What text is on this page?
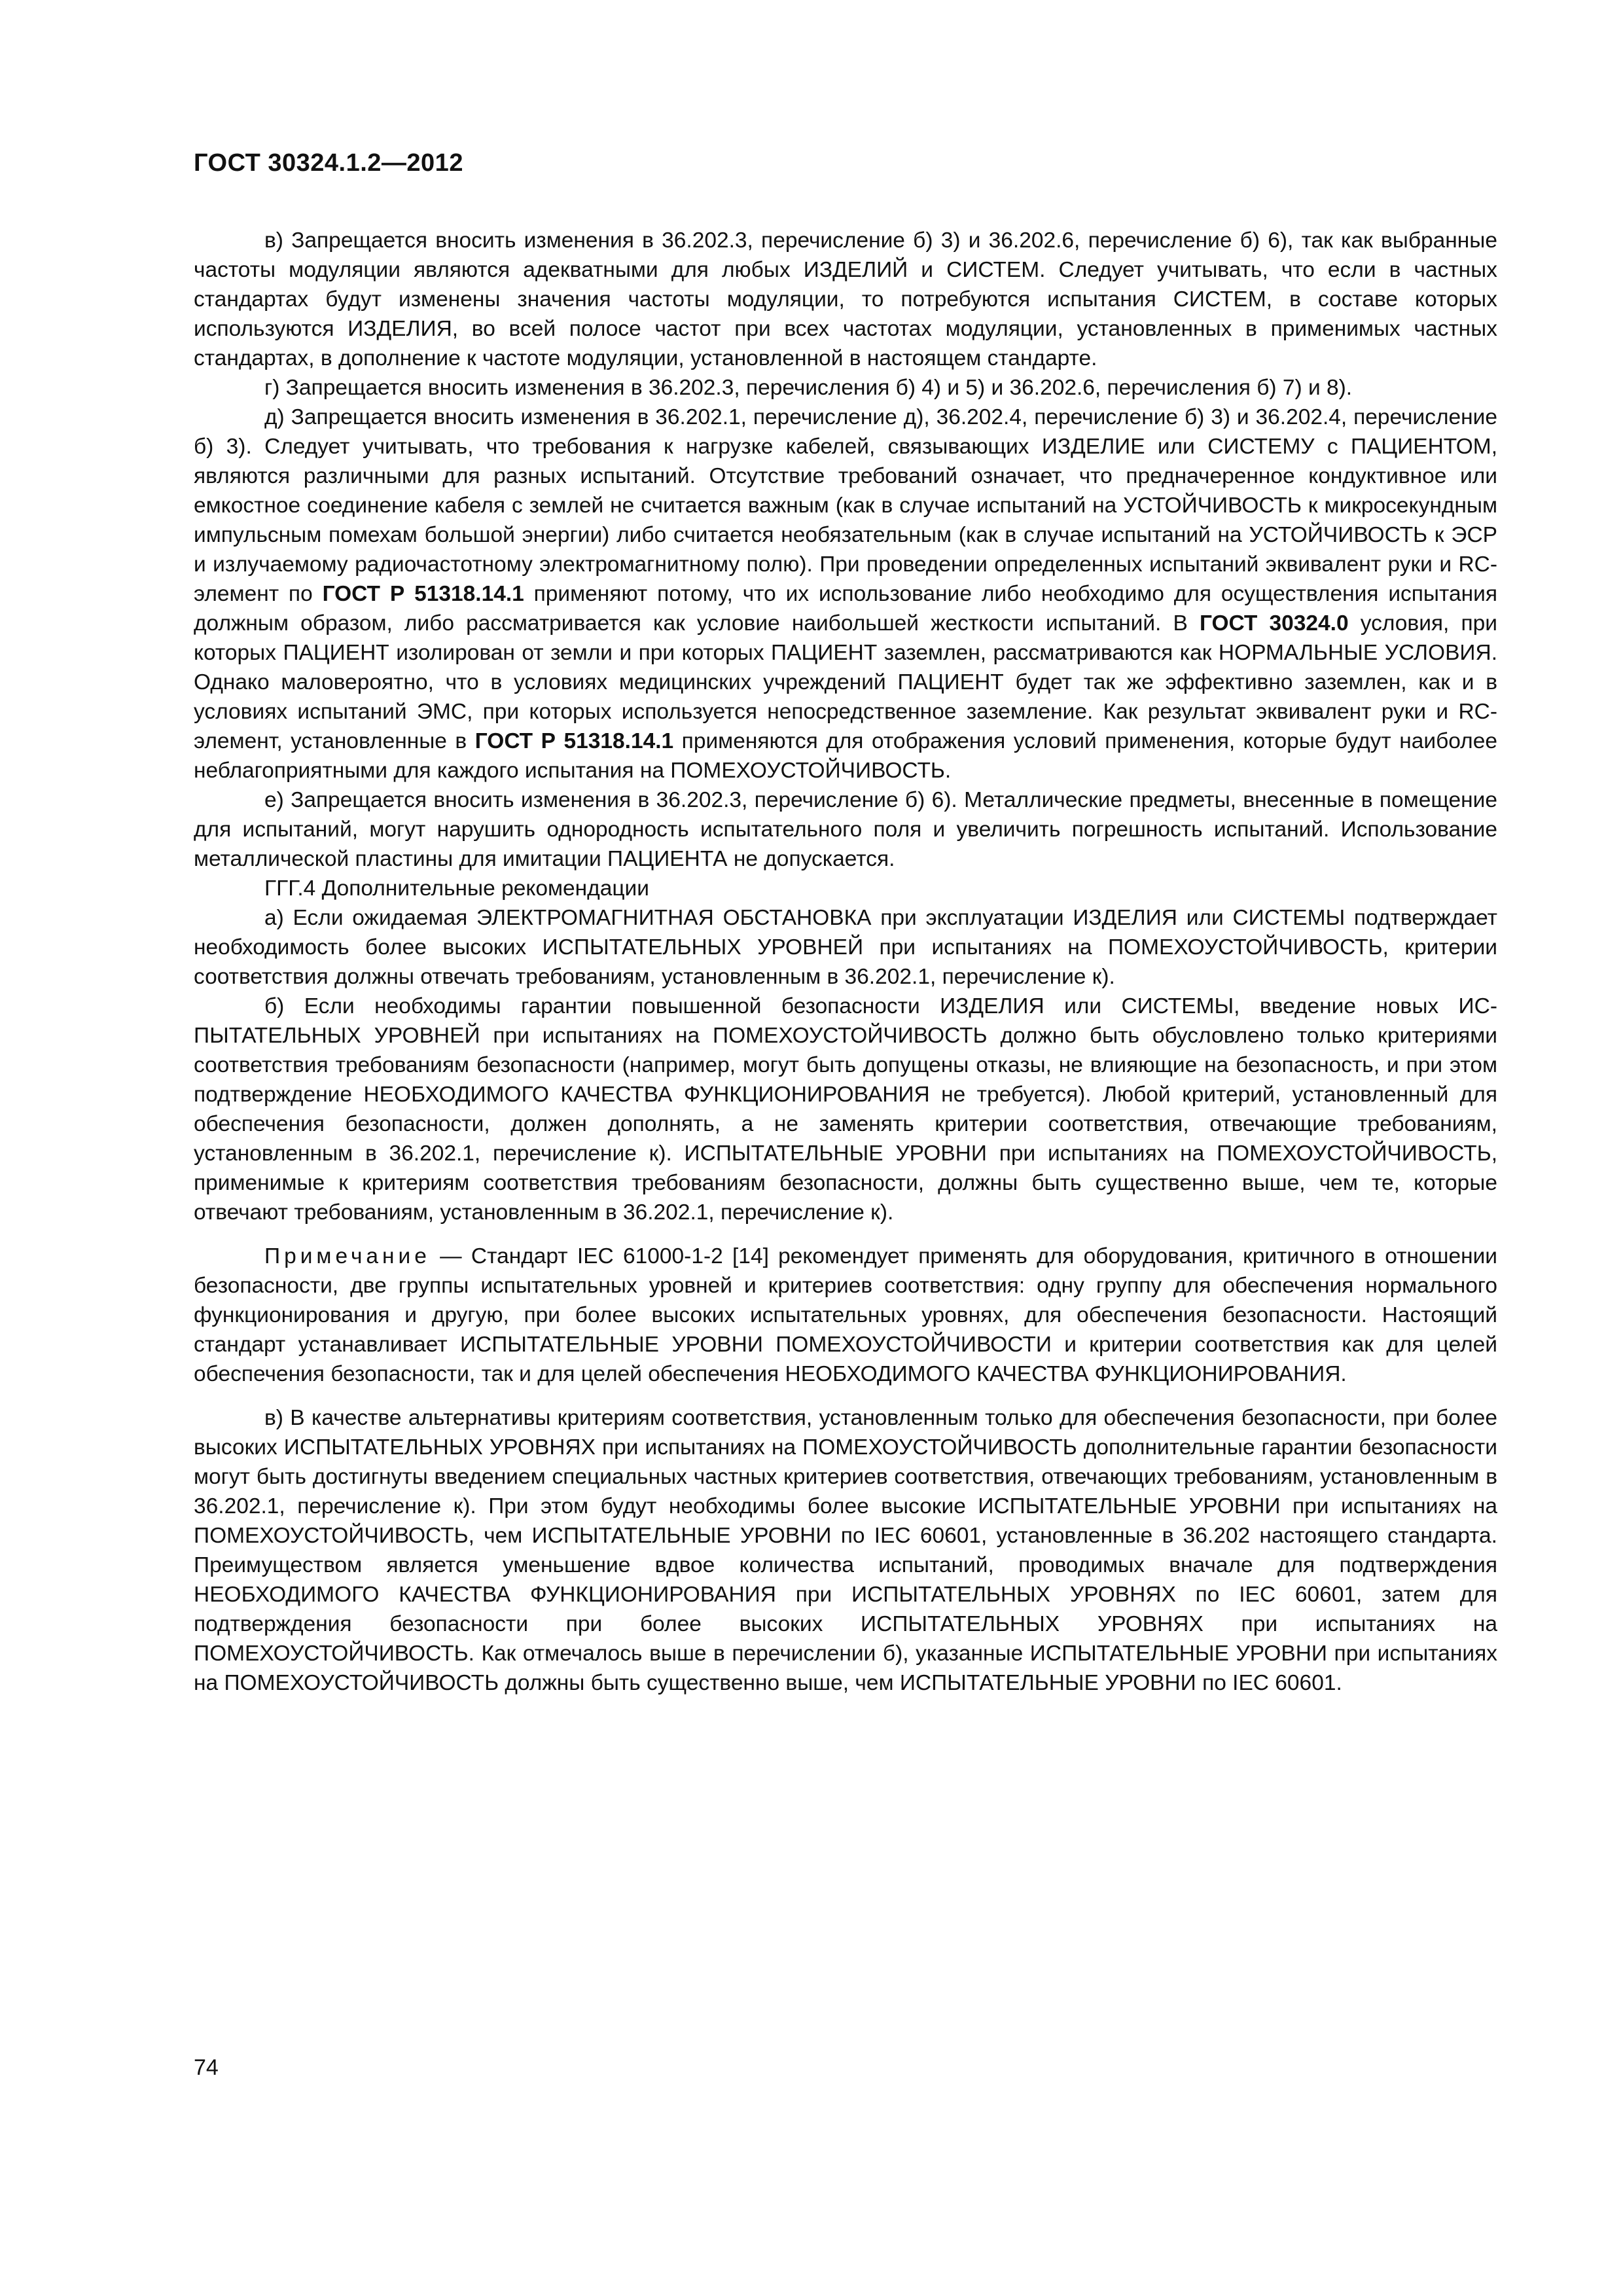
ГОСТ 30324.1.2—2012

в) Запрещается вносить изменения в 36.202.3, перечисление б) 3) и 36.202.6, перечисление б) 6), так как выбранные частоты модуляции являются адекватными для любых ИЗДЕЛИЙ и СИСТЕМ. Следует учитывать, что если в частных стандартах будут изменены значения частоты модуляции, то потребуются испытания СИСТЕМ, в составе которых используются ИЗДЕЛИЯ, во всей полосе частот при всех частотах модуляции, установленных в применимых частных стандартах, в дополнение к частоте модуляции, установленной в настоящем стандарте.

г) Запрещается вносить изменения в 36.202.3, перечисления б) 4) и 5) и 36.202.6, перечисления б) 7) и 8).

д) Запрещается вносить изменения в 36.202.1, перечисление д), 36.202.4, перечисление б) 3) и 36.202.4, перечисление б) 3). Следует учитывать, что требования к нагрузке кабелей, связывающих ИЗДЕЛИЕ или СИСТЕМУ с ПАЦИЕНТОМ, являются различными для разных испытаний. Отсутствие требований означает, что предначеренное кондуктивное или емкостное соединение кабеля с землей не считается важным (как в случае испытаний на УСТОЙЧИВОСТЬ к микросекундным импульсным помехам большой энергии) либо считается необязательным (как в случае испытаний на УСТОЙЧИВОСТЬ к ЭСР и излучаемому радиочастотному электромагнитному полю). При проведении определенных испытаний эквивалент руки и RC-элемент по ГОСТ Р 51318.14.1 применяют потому, что их использование либо необходимо для осуществления испытания должным образом, либо рассматривается как условие наибольшей жесткости испытаний. В ГОСТ 30324.0 условия, при которых ПАЦИЕНТ изолирован от земли и при которых ПАЦИЕНТ заземлен, рассматриваются как НОРМАЛЬНЫЕ УСЛОВИЯ. Однако маловероятно, что в условиях медицинских учреждений ПАЦИЕНТ будет так же эффективно заземлен, как и в условиях испытаний ЭМС, при которых используется непосредственное заземление. Как результат эквивалент руки и RC-элемент, установленные в ГОСТ Р 51318.14.1 применяются для отображения условий применения, которые будут наиболее неблагоприятными для каждого испытания на ПОМЕХОУСТОЙЧИВОСТЬ.

е) Запрещается вносить изменения в 36.202.3, перечисление б) 6). Металлические предметы, внесенные в помещение для испытаний, могут нарушить однородность испытательного поля и увеличить погрешность испытаний. Использование металлической пластины для имитации ПАЦИЕНТА не допускается.

ГГГ.4 Дополнительные рекомендации

а) Если ожидаемая ЭЛЕКТРОМАГНИТНАЯ ОБСТАНОВКА при эксплуатации ИЗДЕЛИЯ или СИСТЕМЫ подтверждает необходимость более высоких ИСПЫТАТЕЛЬНЫХ УРОВНЕЙ при испытаниях на ПОМЕХОУСТОЙЧИВОСТЬ, критерии соответствия должны отвечать требованиям, установленным в 36.202.1, перечисление к).

б) Если необходимы гарантии повышенной безопасности ИЗДЕЛИЯ или СИСТЕМЫ, введение новых ИСПЫТАТЕЛЬНЫХ УРОВНЕЙ при испытаниях на ПОМЕХОУСТОЙЧИВОСТЬ должно быть обусловлено только критериями соответствия требованиям безопасности (например, могут быть допущены отказы, не влияющие на безопасность, и при этом подтверждение НЕОБХОДИМОГО КАЧЕСТВА ФУНКЦИОНИРОВАНИЯ не требуется). Любой критерий, установленный для обеспечения безопасности, должен дополнять, а не заменять критерии соответствия, отвечающие требованиям, установленным в 36.202.1, перечисление к). ИСПЫТАТЕЛЬНЫЕ УРОВНИ при испытаниях на ПОМЕХОУСТОЙЧИВОСТЬ, применимые к критериям соответствия требованиям безопасности, должны быть существенно выше, чем те, которые отвечают требованиям, установленным в 36.202.1, перечисление к).

Примечание — Стандарт IEC 61000-1-2 [14] рекомендует применять для оборудования, критичного в отношении безопасности, две группы испытательных уровней и критериев соответствия: одну группу для обеспечения нормального функционирования и другую, при более высоких испытательных уровнях, для обеспечения безопасности. Настоящий стандарт устанавливает ИСПЫТАТЕЛЬНЫЕ УРОВНИ ПОМЕХОУСТОЙЧИВОСТИ и критерии соответствия как для целей обеспечения безопасности, так и для целей обеспечения НЕОБХОДИМОГО КАЧЕСТВА ФУНКЦИОНИРОВАНИЯ.

в) В качестве альтернативы критериям соответствия, установленным только для обеспечения безопасности, при более высоких ИСПЫТАТЕЛЬНЫХ УРОВНЯХ при испытаниях на ПОМЕХОУСТОЙЧИВОСТЬ дополнительные гарантии безопасности могут быть достигнуты введением специальных частных критериев соответствия, отвечающих требованиям, установленным в 36.202.1, перечисление к). При этом будут необходимы более высокие ИСПЫТАТЕЛЬНЫЕ УРОВНИ при испытаниях на ПОМЕХОУСТОЙЧИВОСТЬ, чем ИСПЫТАТЕЛЬНЫЕ УРОВНИ по IEC 60601, установленные в 36.202 настоящего стандарта. Преимуществом является уменьшение вдвое количества испытаний, проводимых вначале для подтверждения НЕОБХОДИМОГО КАЧЕСТВА ФУНКЦИОНИРОВАНИЯ при ИСПЫТАТЕЛЬНЫХ УРОВНЯХ по IEC 60601, затем для подтверждения безопасности при более высоких ИСПЫТАТЕЛЬНЫХ УРОВНЯХ при испытаниях на ПОМЕХОУСТОЙЧИВОСТЬ. Как отмечалось выше в перечислении б), указанные ИСПЫТАТЕЛЬНЫЕ УРОВНИ при испытаниях на ПОМЕХОУСТОЙЧИВОСТЬ должны быть существенно выше, чем ИСПЫТАТЕЛЬНЫЕ УРОВНИ по IEC 60601.

74
